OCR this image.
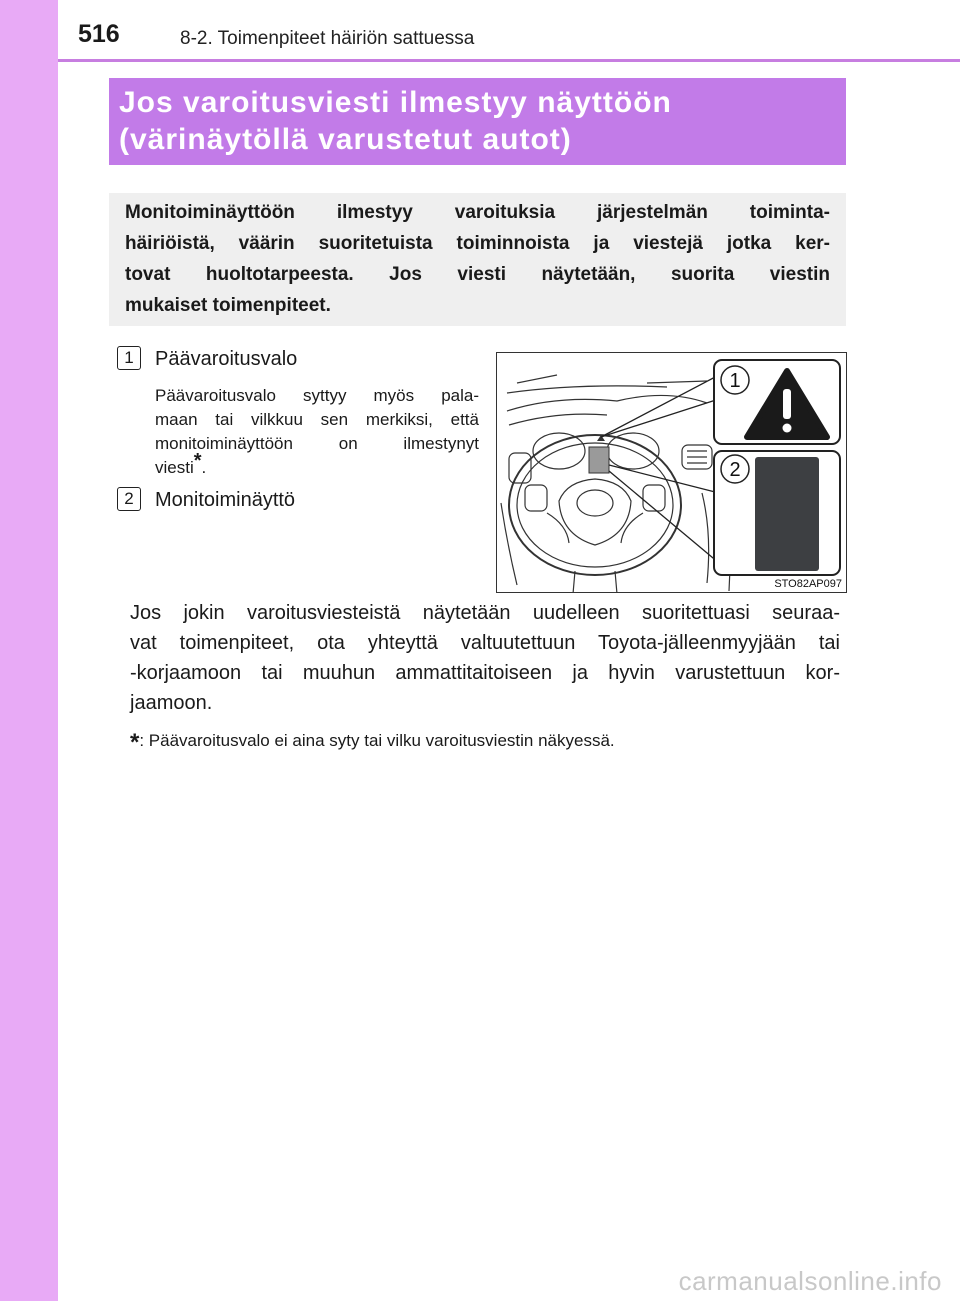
516	8-2. Toimenpiteet häiriön sattuessa
Jos varoitusviesti ilmestyy näyttöön
(värinäytöllä varustetut autot)
Monitoiminäyttöön ilmestyy varoituksia järjestelmän toiminta-
häiriöistä, väärin suoritetuista toiminnoista ja viestejä jotka ker-
tovat huoltotarpeesta. Jos viesti näytetään, suorita viestin
mukaiset toimenpiteet.
1	Päävaroitusvalo
Päävaroitusvalo syttyy myös pala-
maan tai vilkkuu sen merkiksi, että
monitoiminäyttöön on ilmestynyt
viesti*.
2	Monitoiminäyttö
1
2
STO82AP097
Jos jokin varoitusviesteistä näytetään uudelleen suoritettuasi seuraa-
vat toimenpiteet, ota yhteyttä valtuutettuun Toyota-jälleenmyyjään tai
-korjaamoon tai muuhun ammattitaitoiseen ja hyvin varustettuun kor-
jaamoon.
*: Päävaroitusvalo ei aina syty tai vilku varoitusviestin näkyessä.
carmanualsonline.info
